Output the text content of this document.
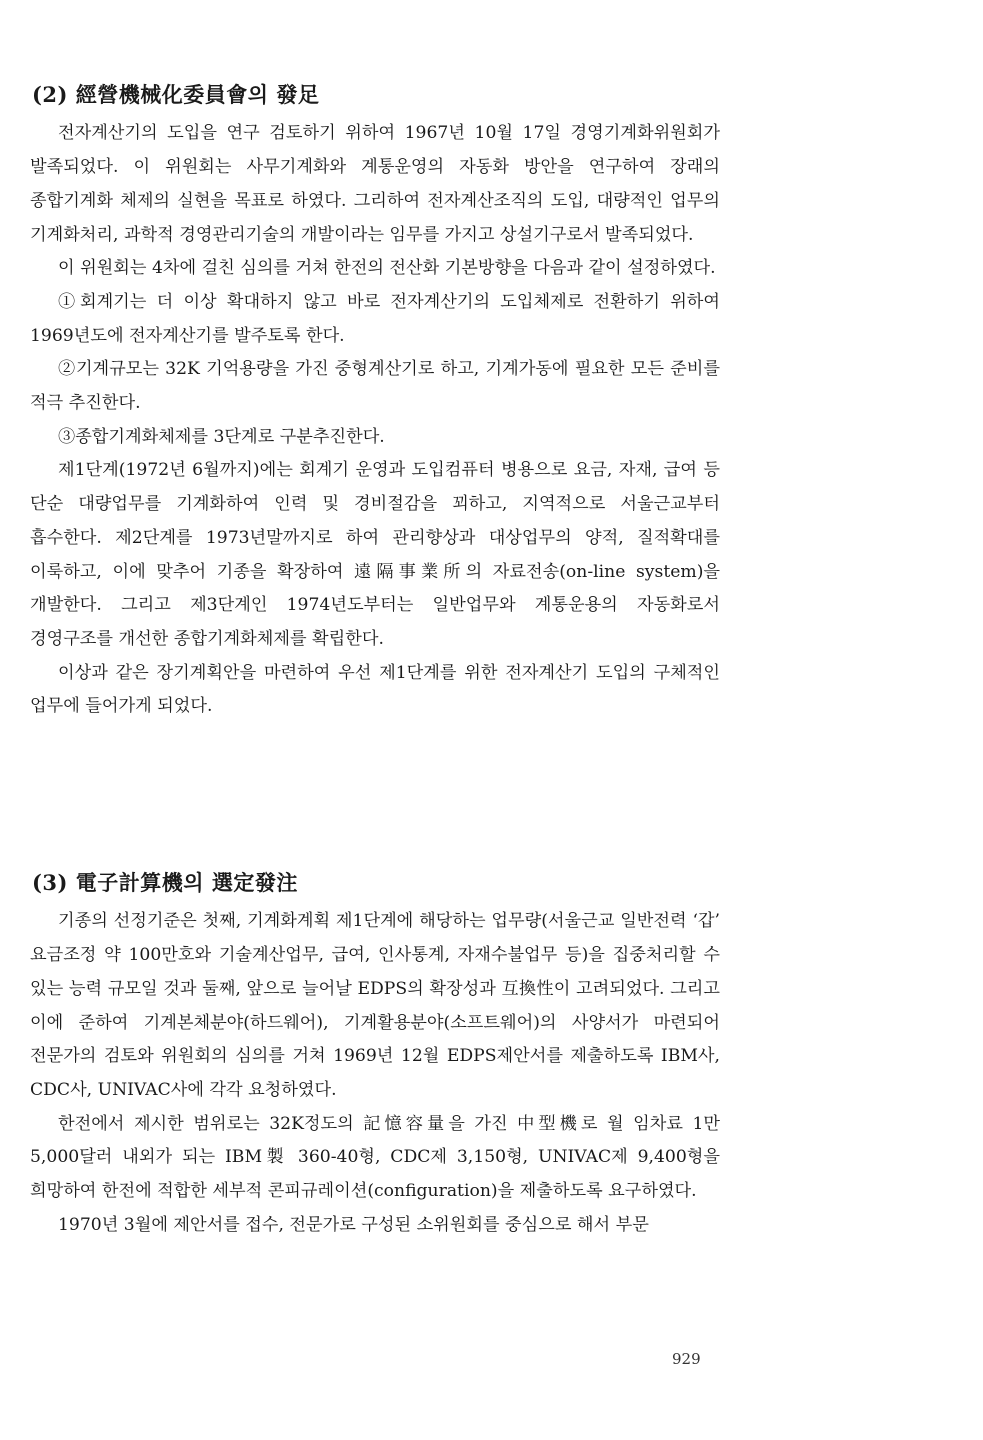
(2) 經營機械化委員會의 發足

전자계산기의 도입을 연구 검토하기 위하여 1967년 10월 17일 경영기계화위원회가 발족되었다. 이 위원회는 사무기계화와 계통운영의 자동화 방안을 연구하여 장래의 종합기계화 체제의 실현을 목표로 하였다. 그리하여 전자계산조직의 도입, 대량적인 업무의 기계화처리, 과학적 경영관리기술의 개발이라는 임무를 가지고 상설기구로서 발족되었다.

이 위원회는 4차에 걸친 심의를 거쳐 한전의 전산화 기본방향을 다음과 같이 설정하였다.

①회계기는 더 이상 확대하지 않고 바로 전자계산기의 도입체제로 전환하기 위하여 1969년도에 전자계산기를 발주토록 한다.

②기계규모는 32K 기억용량을 가진 중형계산기로 하고, 기계가동에 필요한 모든 준비를 적극 추진한다.

③종합기계화체제를 3단계로 구분추진한다.

제1단계(1972년 6월까지)에는 회계기 운영과 도입컴퓨터 병용으로 요금, 자재, 급여 등 단순 대량업무를 기계화하여 인력 및 경비절감을 꾀하고, 지역적으로 서울근교부터 흡수한다. 제2단계를 1973년말까지로 하여 관리향상과 대상업무의 양적, 질적확대를 이룩하고, 이에 맞추어 기종을 확장하여 遠隔事業所의 자료전송(on-line system)을 개발한다. 그리고 제3단계인 1974년도부터는 일반업무와 계통운용의 자동화로서 경영구조를 개선한 종합기계화체제를 확립한다.

이상과 같은 장기계획안을 마련하여 우선 제1단계를 위한 전자계산기 도입의 구체적인 업무에 들어가게 되었다.

(3) 電子計算機의 選定發注

기종의 선정기준은 첫째, 기계화계획 제1단계에 해당하는 업무량(서울근교 일반전력 ‘갑’ 요금조정 약 100만호와 기술계산업무, 급여, 인사통계, 자재수불업무 등)을 집중처리할 수 있는 능력 규모일 것과 둘째, 앞으로 늘어날 EDPS의 확장성과 互換性이 고려되었다. 그리고 이에 준하여 기계본체분야(하드웨어), 기계활용분야(소프트웨어)의 사양서가 마련되어 전문가의 검토와 위원회의 심의를 거쳐 1969년 12월 EDPS제안서를 제출하도록 IBM사, CDC사, UNIVAC사에 각각 요청하였다.

한전에서 제시한 범위로는 32K정도의 記憶容量을 가진 中型機로 월 임차료 1만 5,000달러 내외가 되는 IBM製 360-40형, CDC제 3,150형, UNIVAC제 9,400형을 희망하여 한전에 적합한 세부적 콘피규레이션(configuration)을 제출하도록 요구하였다.

1970년 3월에 제안서를 접수, 전문가로 구성된 소위원회를 중심으로 해서 부문

929
